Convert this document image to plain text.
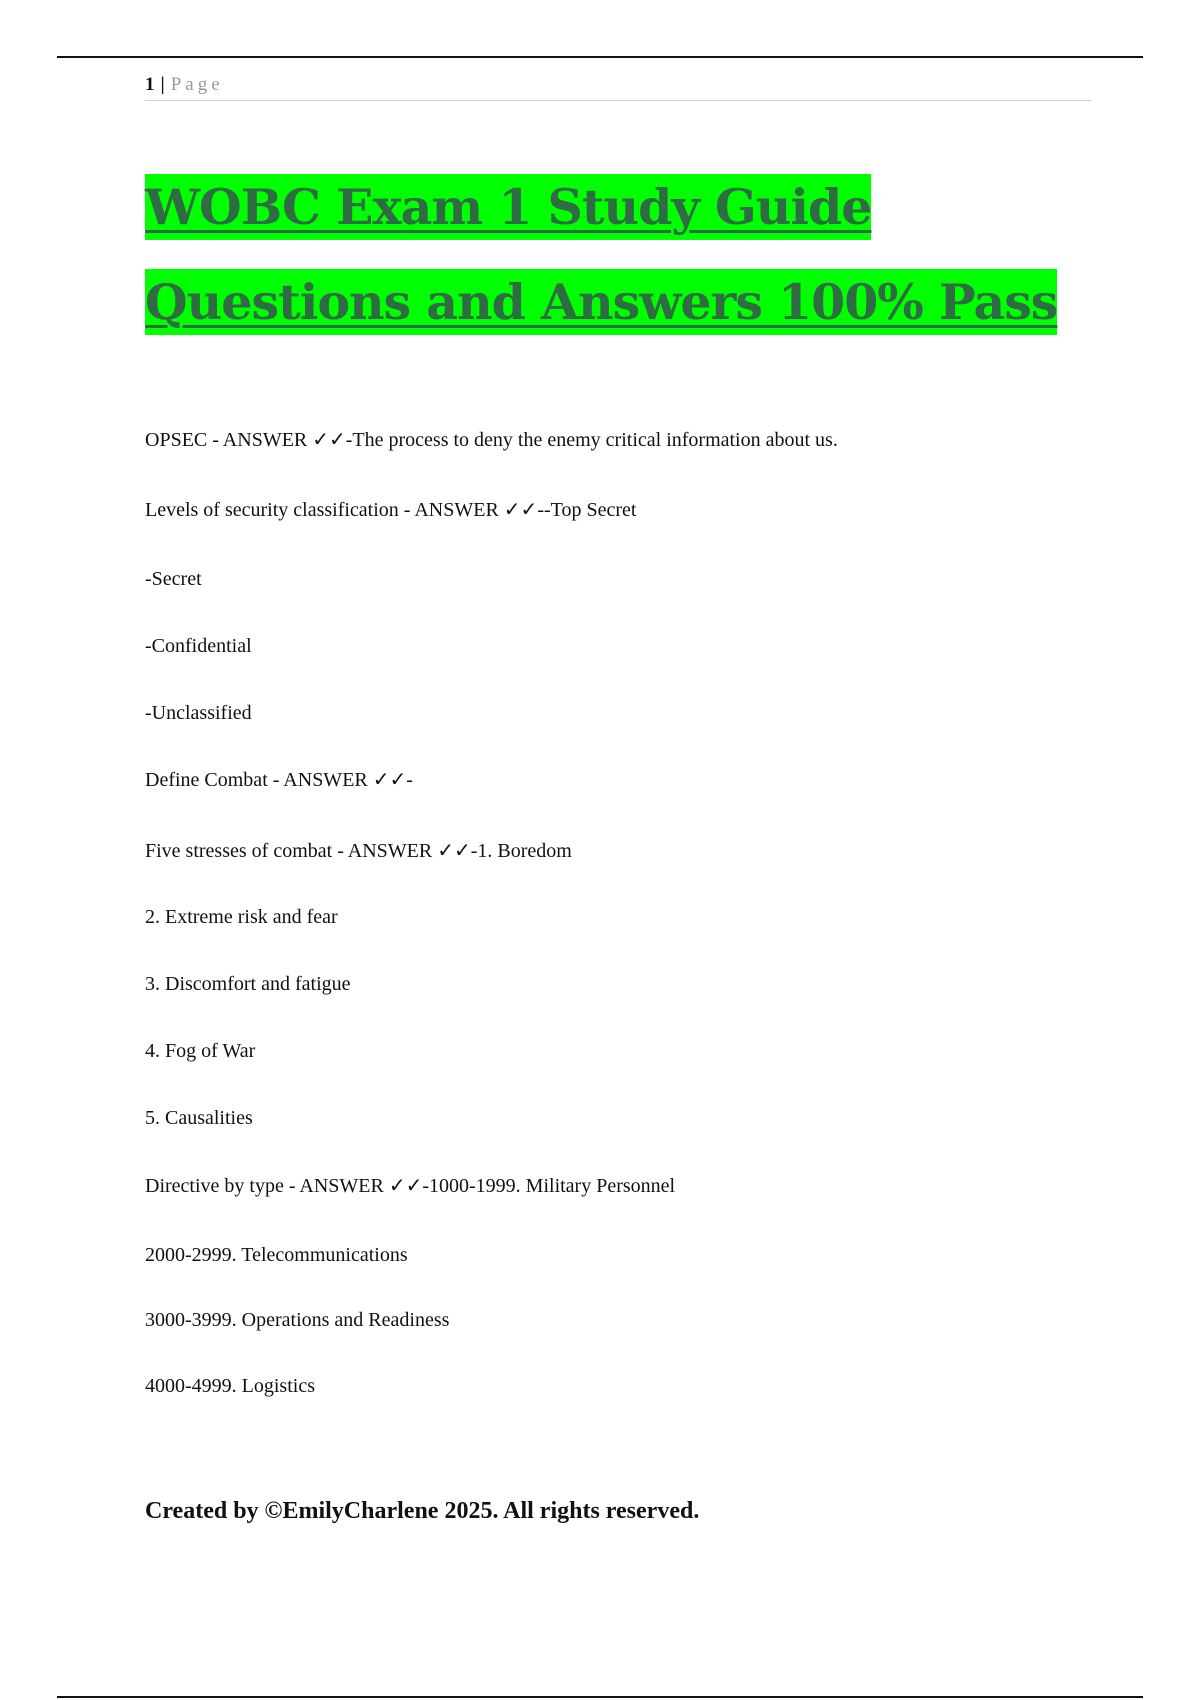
1 | Page
WOBC Exam 1 Study Guide Questions and Answers 100% Pass
OPSEC - ANSWER ✓✓-The process to deny the enemy critical information about us.
Levels of security classification - ANSWER ✓✓--Top Secret
-Secret
-Confidential
-Unclassified
Define Combat - ANSWER ✓✓-
Five stresses of combat - ANSWER ✓✓-1. Boredom
2. Extreme risk and fear
3. Discomfort and fatigue
4. Fog of War
5. Causalities
Directive by type - ANSWER ✓✓-1000-1999. Military Personnel
2000-2999. Telecommunications
3000-3999. Operations and Readiness
4000-4999. Logistics
Created by ©EmilyCharlene 2025. All rights reserved.
